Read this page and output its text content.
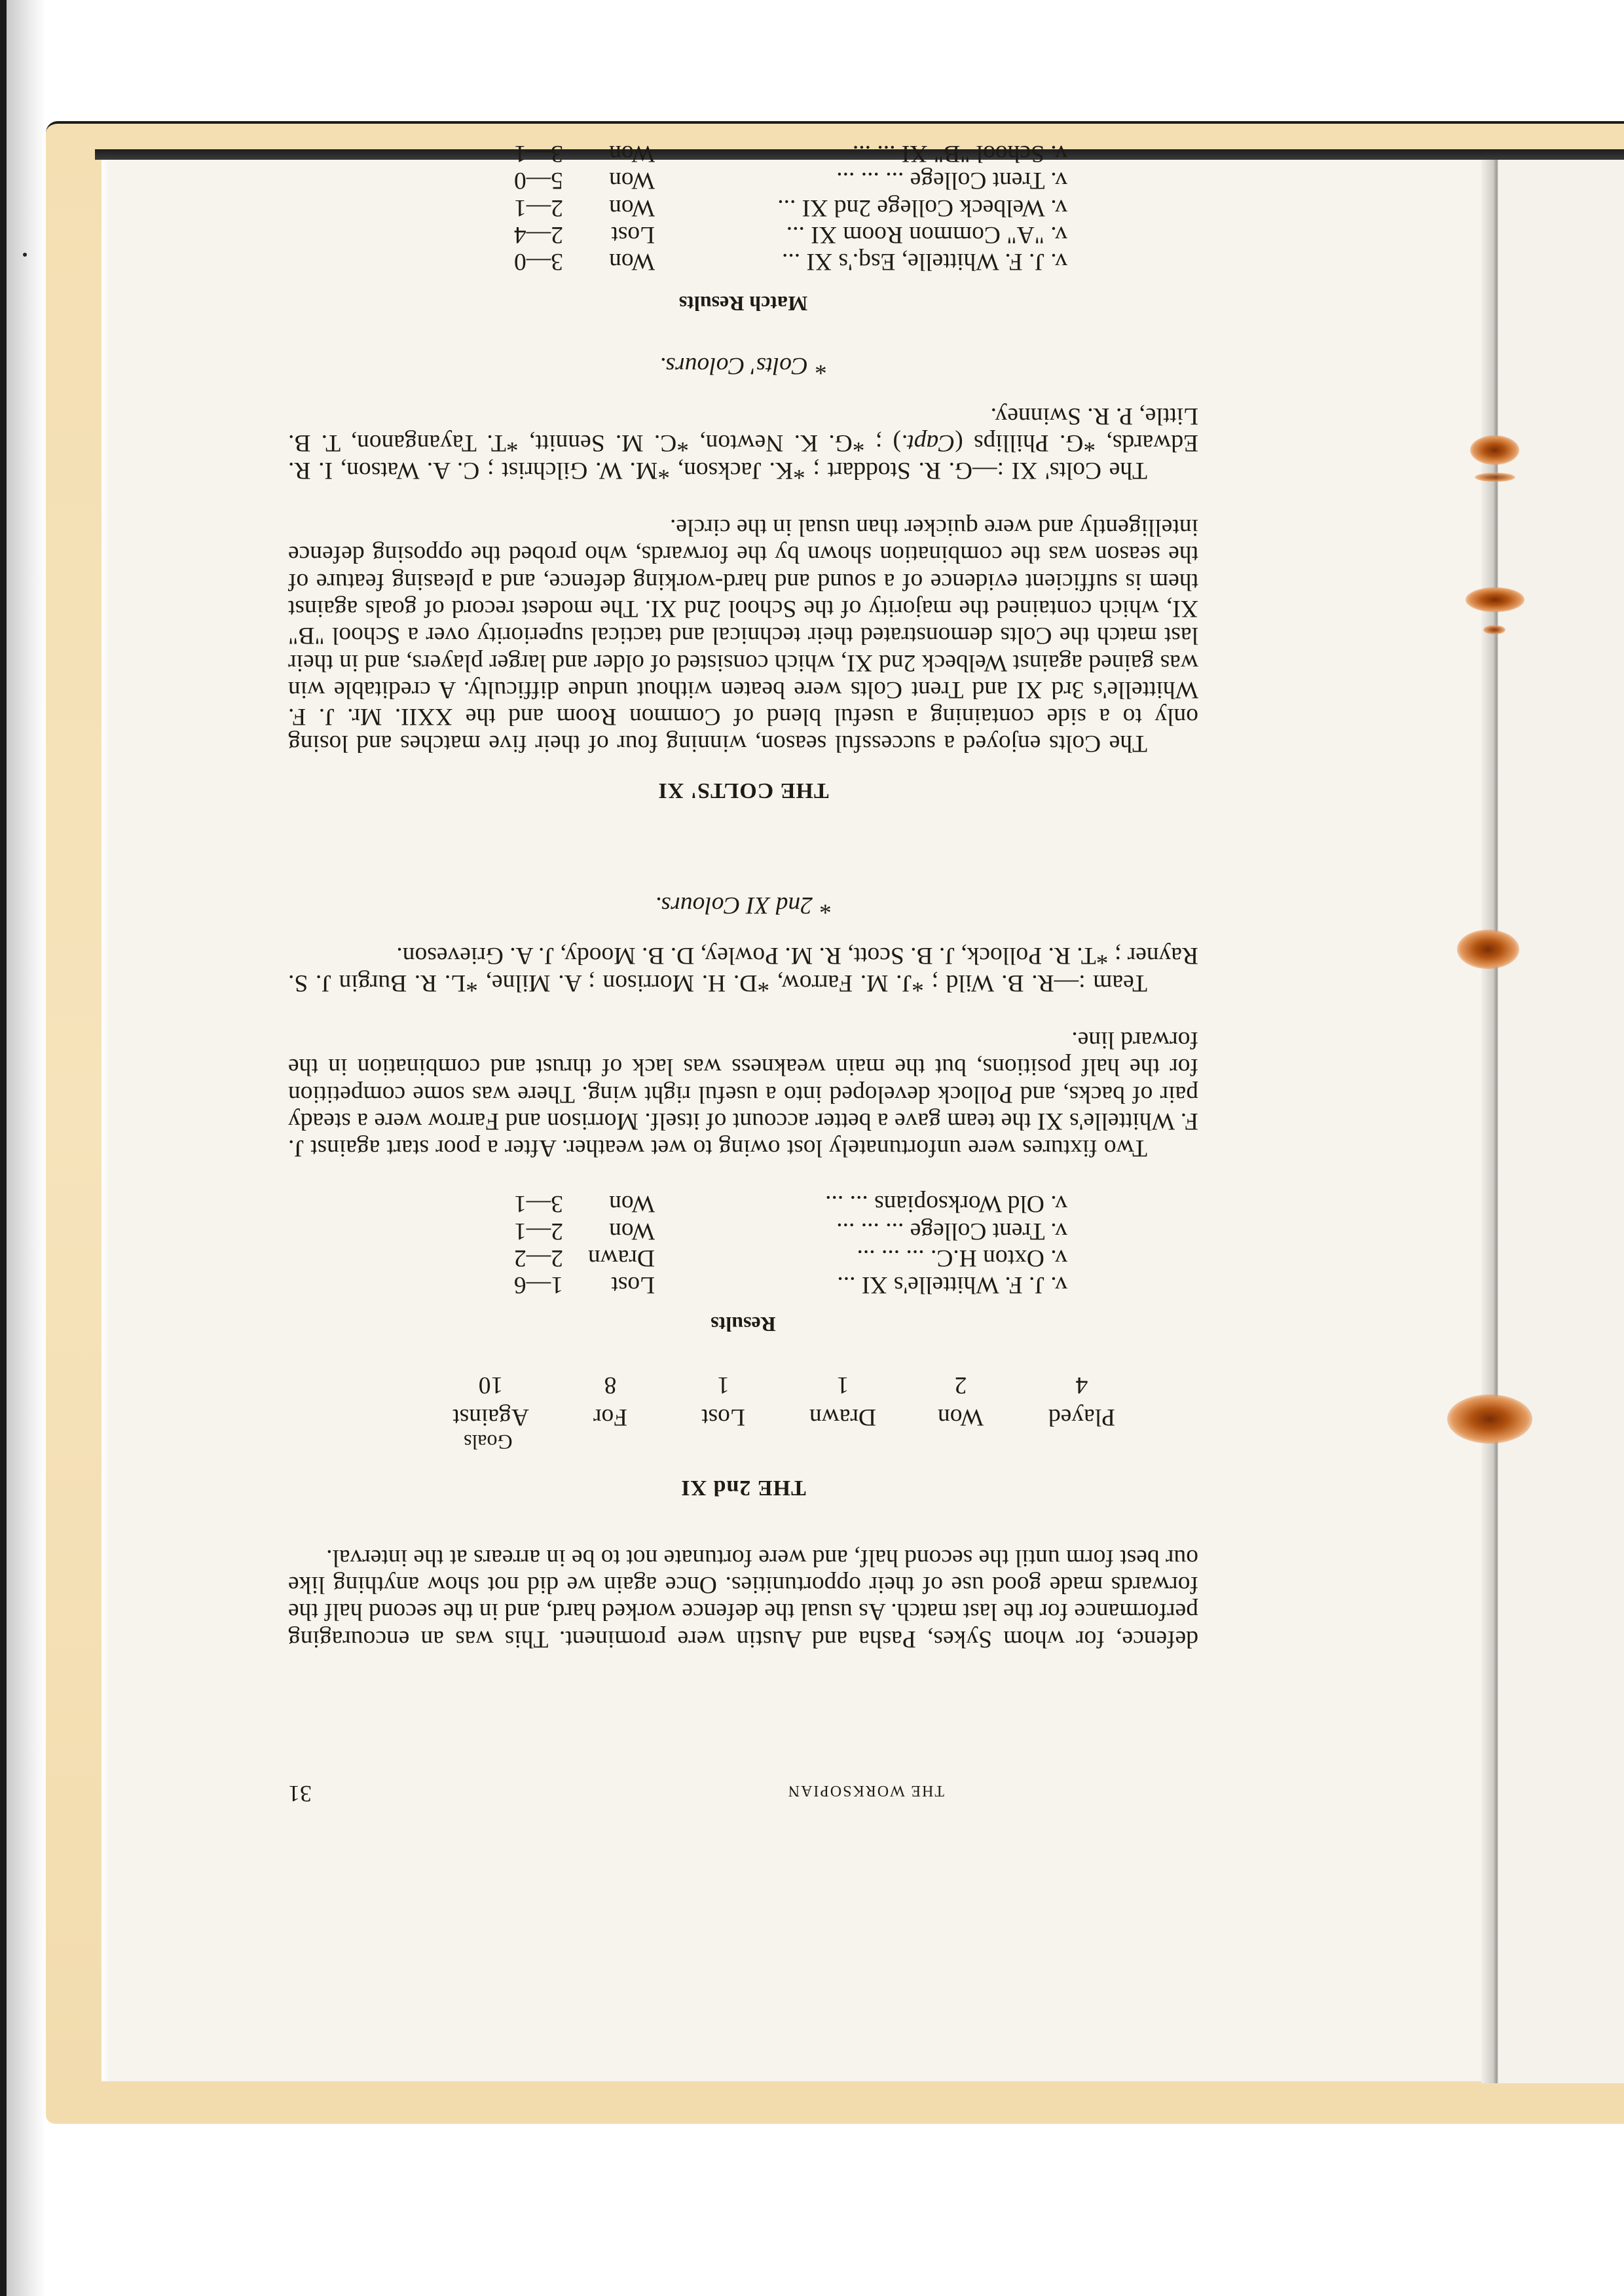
THE WORKSOPIAN
31

defence, for whom Sykes, Pasha and Austin were prominent. This was an encouraging performance for the last match. As usual the defence worked hard, and in the second half the forwards made good use of their opportunities. Once again we did not show anything like our best form until the second half, and were fortunate not to be in arrears at the interval.

THE 2nd XI
Goals
Played
Won
Drawn
Lost
For
Against
4
2
1
1
8
10
Results
v. J. F. Whittelle's XI ...
Lost
1—6
v. Oxton H.C. ... ... ...
Drawn
2—2
v. Trent College ... ... ...
Won
2—1
v. Old Worksopians ... ...
Won
3—1

Two fixtures were unfortunately lost owing to wet weather. After a poor start against J. F. Whittelle's XI the team gave a better account of itself. Morrison and Farrow were a steady pair of backs, and Pollock developed into a useful right wing. There was some competition for the half positions, but the main weakness was lack of thrust and combination in the forward line.

Team :—R. B. Wild ; *J. M. Farrow, *D. H. Morrison ; A. Milne, *L. R. Burgin J. S. Rayner ; *T. R. Pollock, J. B. Scott, R. M. Powley, D. B. Moody, J. A. Grieveson.

*2nd XI Colours.
THE COLTS' XI

The Colts enjoyed a successful season, winning four of their five matches and losing only to a side containing a useful blend of Common Room and the XXII. Mr. J. F. Whittelle's 3rd XI and Trent Colts were beaten without undue difficulty. A creditable win was gained against Welbeck 2nd XI, which consisted of older and larger players, and in their last match the Colts demonstrated their technical and tactical superiority over a School "B" XI, which contained the majority of the School 2nd XI. The modest record of goals against them is sufficient evidence of a sound and hard-working defence, and a pleasing feature of the season was the combination shown by the forwards, who probed the opposing defence intelligently and were quicker than usual in the circle.

The Colts' XI :—G. R. Stoddart ; *K. Jackson, *M. W. Gilchrist ; C. A. Watson, I. R. Edwards, *G. Phillips (Capt.) ; *G. K. Newton, *C. M. Sennitt, *T. Tayanganon, T. B. Little, P. R. Swinney.

*Colts' Colours.
Match Results
v. J. F. Whittelle, Esq.'s XI ...
Won
3—0
v. "A" Common Room XI ...
Lost
2—4
v. Welbeck College 2nd XI ...
Won
2—1
v. Trent College ... ... ...
Won
5—0
v. School "B" XI ... ...
Won
3—1
